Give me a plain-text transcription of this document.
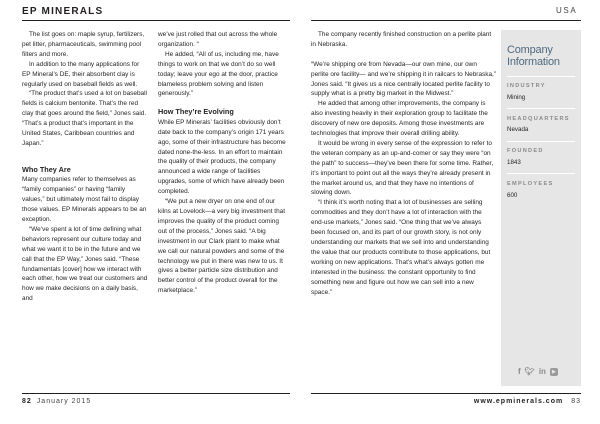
EP MINERALS	USA

The list goes on: maple syrup, fertilizers, pet litter, pharmaceuticals, swimming pool filters and more.

In addition to the many applications for EP Mineral’s DE, their absorbent clay is regularly used on baseball fields as well.

“The product that’s used a lot on baseball fields is calcium bentonite. That’s the red clay that goes around the field,” Jones said. “That’s a product that’s important in the United States, Caribbean countries and Japan.”

Who They Are

Many companies refer to themselves as “family companies” or having “family values,” but ultimately most fail to display those values. EP Minerals appears to be an exception.

“We’ve spent a lot of time defining what behaviors represent our culture today and what we want it to be in the future and we call that the EP Way,” Jones said. “These fundamentals [cover] how we interact with each other, how we treat our customers and how we make decisions on a daily basis, and

we’ve just rolled that out across the whole organization. “

He added, “All of us, including me, have things to work on that we don’t do so well today; leave your ego at the door, practice blameless problem solving and listen generously.”

How They’re Evolving

While EP Minerals’ facilities obviously don’t date back to the company’s origin 171 years ago, some of their infrastructure has become dated none-the-less. In an effort to maintain the quality of their products, the company announced a wide range of facilities upgrades, some of which have already been completed.

“We put a new dryer on one end of our kilns at Lovelock—a very big investment that improves the quality of the product coming out of the process,” Jones said. “A big investment in our Clark plant to make what we call our natural powders and some of the technology we put in there was new to us. It gives a better particle size distribution and better control of the product overall for the marketplace.”

The company recently finished construction on a perlite plant in Nebraska.

“We’re shipping ore from Nevada—our own mine, our own perlite ore facility— and we’re shipping it in railcars to Nebraska,” Jones said. “It gives us a nice centrally located perlite facility to supply what is a pretty big market in the Midwest.”

He added that among other improvements, the company is also investing heavily in their exploration group to facilitate the discovery of new ore deposits. Among those investments are technologies that improve their overall drilling ability.

It would be wrong in every sense of the expression to refer to the veteran company as an up-and-comer or say they were “on the path” to success—they’ve been there for some time. Rather, it’s important to point out all the ways they’re already present in the market around us, and that they have no intentions of slowing down.

“I think it’s worth noting that a lot of businesses are selling commodities and they don’t have a lot of interaction with the end-use markets,” Jones said. “One thing that we’ve always been focused on, and its part of our growth story, is not only understanding our markets that we sell into and understanding the value that our products contribute to those applications, but working on new applications. That’s what’s always gotten me interested in the business: the constant opportunity to find something new and figure out how we can sell into a new space.”

Company
Information
INDUSTRY
Mining
HEADQUARTERS
Nevada
FOUNDED
1843
EMPLOYEES
600
f 🐦︎ in	▶
82 January 2015	www.epminerals.com 83
